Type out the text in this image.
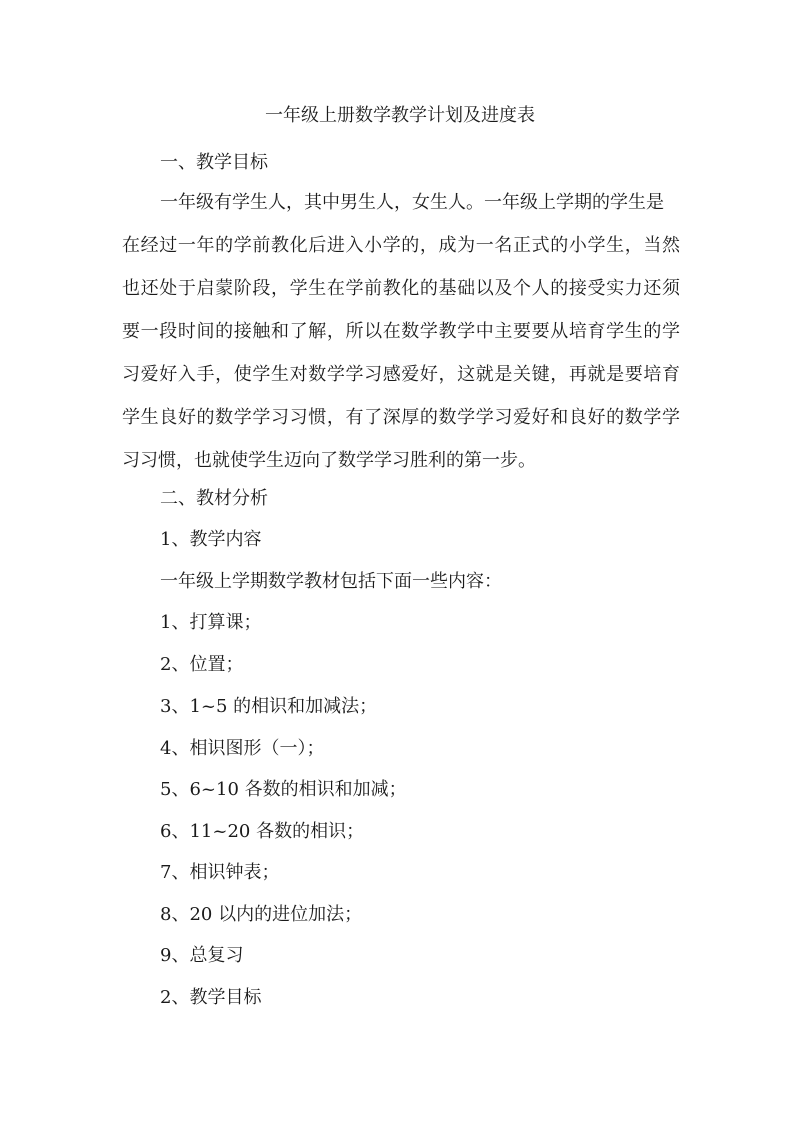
一年级上册数学教学计划及进度表
一、教学目标
一年级有学生人，其中男生人，女生人。一年级上学期的学生是
在经过一年的学前教化后进入小学的，成为一名正式的小学生，当然
也还处于启蒙阶段，学生在学前教化的基础以及个人的接受实力还须
要一段时间的接触和了解，所以在数学教学中主要要从培育学生的学
习爱好入手，使学生对数学学习感爱好，这就是关键，再就是要培育
学生良好的数学学习习惯，有了深厚的数学学习爱好和良好的数学学
习习惯，也就使学生迈向了数学学习胜利的第一步。
二、教材分析
1、教学内容
一年级上学期数学教材包括下面一些内容：
1、打算课；
2、位置；
3、1~5 的相识和加减法；
4、相识图形（一）；
5、6~10 各数的相识和加减；
6、11~20 各数的相识；
7、相识钟表；
8、20 以内的进位加法；
9、总复习
2、教学目标
